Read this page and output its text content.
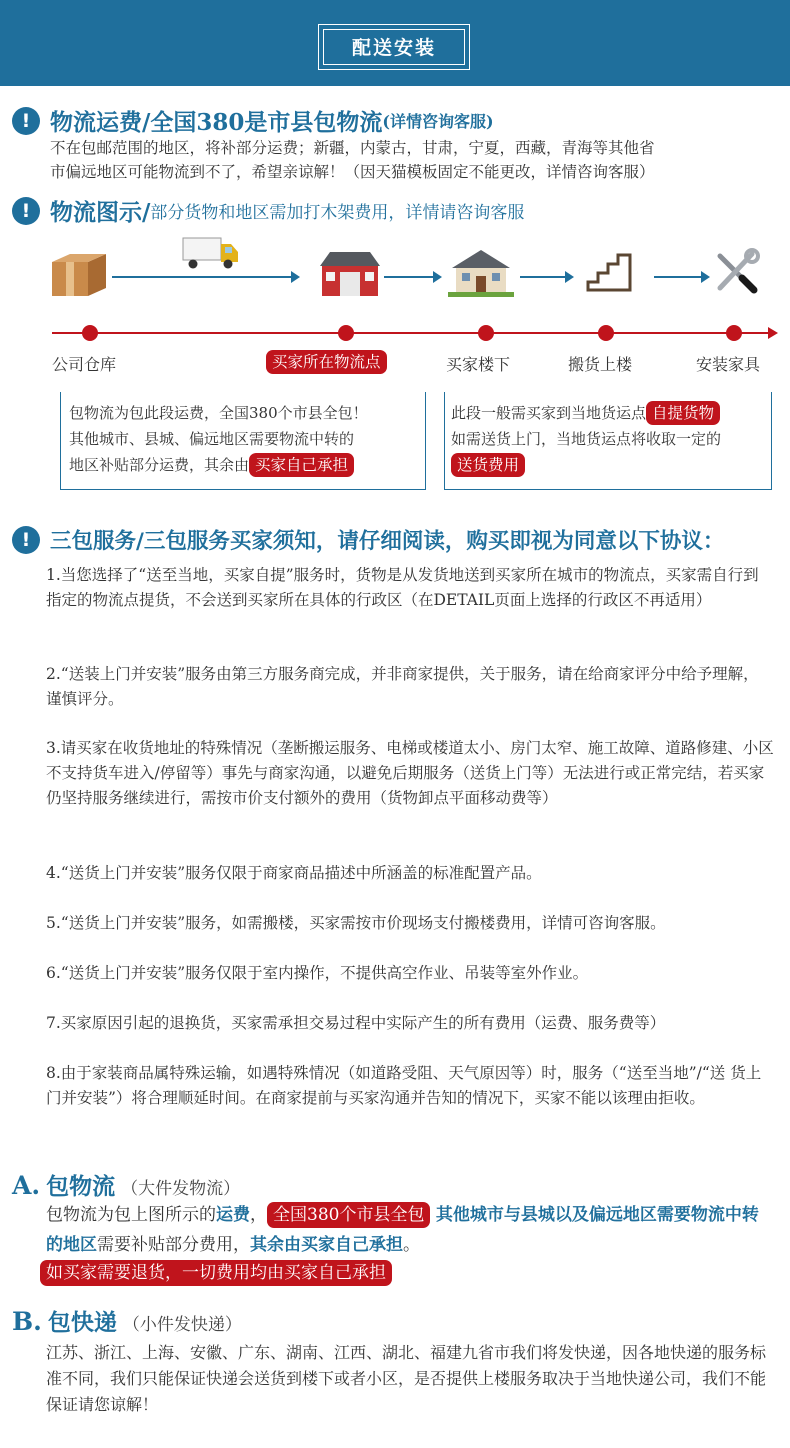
配送安装
! 物流运费/全国380是市县包物流 (详情咨询客服)
不在包邮范围的地区，将补部分运费；新疆，内蒙古，甘肃，宁夏，西藏，青海等其他省
市偏远地区可能物流到不了，希望亲谅解！（因天猫模板固定不能更改，详情咨询客服）
! 物流图示/ 部分货物和地区需加打木架费用，详情请咨询客服
公司仓库	买家所在物流点	买家楼下	搬货上楼	安装家具
包物流为包此段运费，全国380个市县全包！
其他城市、县城、偏远地区需要物流中转的
地区补贴部分运费，其余由 买家自己承担
此段一般需买家到当地货运点 自提货物
如需送货上门，当地货运点将收取一定的
送货费用
! 三包服务/三包服务买家须知，请仔细阅读，购买即视为同意以下协议：
1.当您选择了“送至当地，买家自提”服务时，货物是从发货地送到买家所在城市的物流点，买家需自行到指定的物流点提货，不会送到买家所在具体的行政区（在DETAIL页面上选择的行政区不再适用）
2.“送装上门并安装”服务由第三方服务商完成，并非商家提供，关于服务，请在给商家评分中给予理解，谨慎评分。
3.请买家在收货地址的特殊情况（垄断搬运服务、电梯或楼道太小、房门太窄、施工故障、道路修建、小区不支持货车进入/停留等）事先与商家沟通，以避免后期服务（送货上门等）无法进行或正常完结，若买家仍坚持服务继续进行，需按市价支付额外的费用（货物卸点平面移动费等）
4.“送货上门并安装”服务仅限于商家商品描述中所涵盖的标准配置产品。
5.“送货上门并安装”服务，如需搬楼，买家需按市价现场支付搬楼费用，详情可咨询客服。
6.“送货上门并安装”服务仅限于室内操作，不提供高空作业、吊装等室外作业。
7.买家原因引起的退换货，买家需承担交易过程中实际产生的所有费用（运费、服务费等）
8.由于家装商品属特殊运输，如遇特殊情况（如道路受阻、天气原因等）时，服务（“送至当地”/“送 货上门并安装”）将合理顺延时间。在商家提前与买家沟通并告知的情况下，买家不能以该理由拒收。
A. 包物流 （大件发物流）
包物流为包上图所示的运费， 全国380个市县全包 其他城市与县城以及偏远地区需要物流中转的地区需要补贴部分费用，其余由买家自己承担。
如买家需要退货，一切费用均由买家自己承担
B. 包快递 （小件发快递）
江苏、浙江、上海、安徽、广东、湖南、江西、湖北、福建九省市我们将发快递，因各地快递的服务标准不同，我们只能保证快递会送货到楼下或者小区，是否提供上楼服务取决于当地快递公司，我们不能保证请您谅解！
